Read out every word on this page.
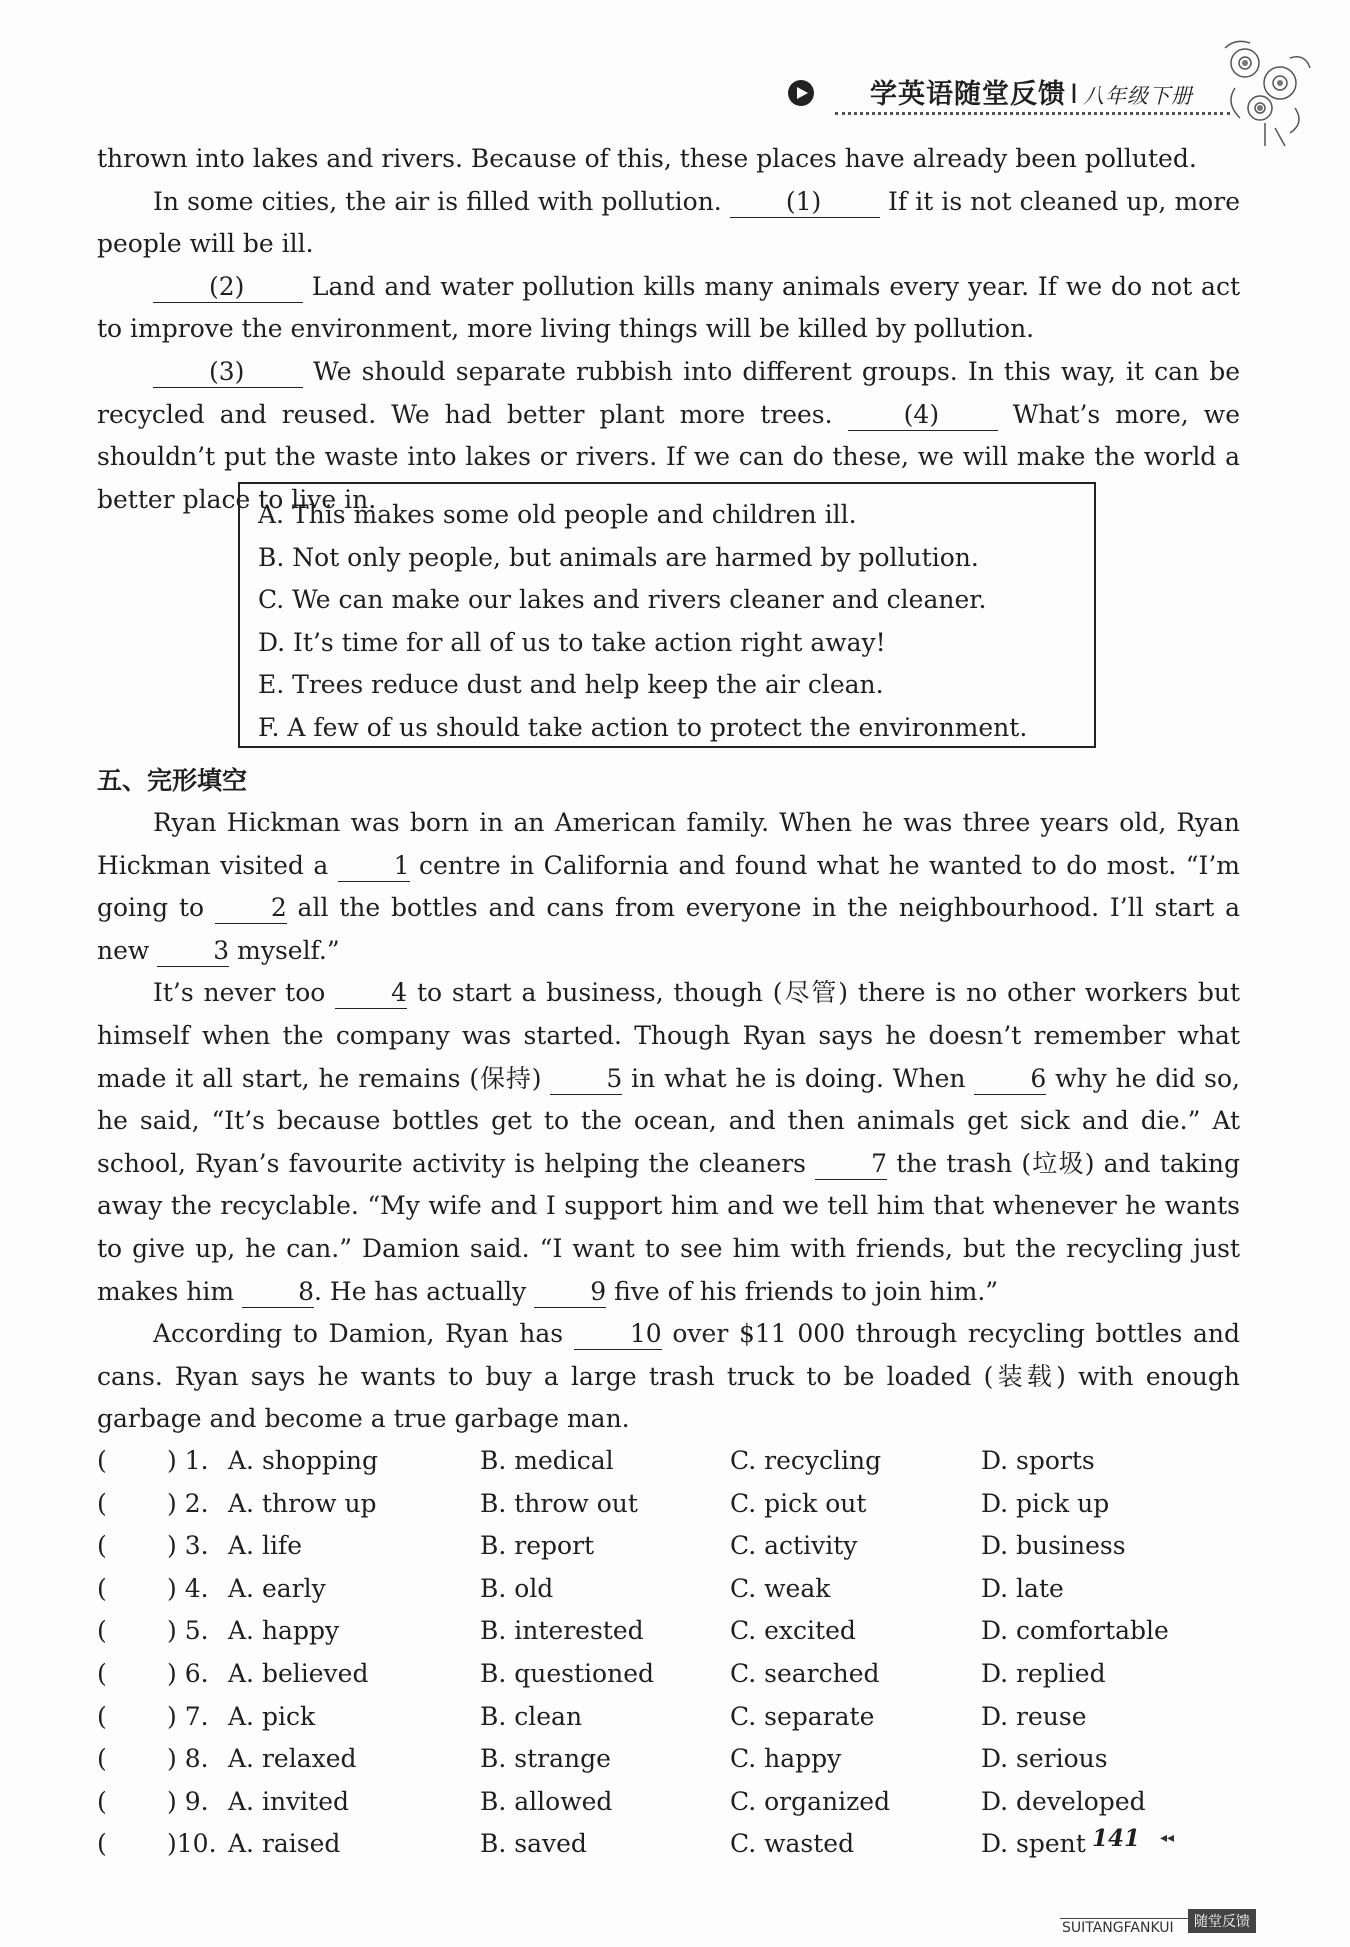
学英语随堂反馈 I 八年级下册

thrown into lakes and rivers. Because of this, these places have already been polluted.

In some cities, the air is filled with pollution.	(1)	If it is not cleaned up, more people will be ill.

(2)	Land and water pollution kills many animals every year. If we do not act to improve the environment, more living things will be killed by pollution.

(3)	We should separate rubbish into different groups. In this way, it can be recycled and reused. We had better plant more trees.	(4)	What’s more, we shouldn’t put the waste into lakes or rivers. If we can do these, we will make the world a better place to live in.

A. This makes some old people and children ill.
B. Not only people, but animals are harmed by pollution.
C. We can make our lakes and rivers cleaner and cleaner.
D. It’s time for all of us to take action right away!
E. Trees reduce dust and help keep the air clean.
F. A few of us should take action to protect the environment.
五、完形填空

Ryan Hickman was born in an American family. When he was three years old, Ryan Hickman visited a	1 centre in California and found what he wanted to do most. “I’m going to	2 all the bottles and cans from everyone in the neighbourhood. I’ll start a new	3 myself.”

It’s never too	4 to start a business, though (尽管) there is no other workers but himself when the company was started. Though Ryan says he doesn’t remember what made it all start, he remains (保持)	5 in what he is doing. When	6 why he did so, he said, “It’s because bottles get to the ocean, and then animals get sick and die.” At school, Ryan’s favourite activity is helping the cleaners	7 the trash (垃圾) and taking away the recyclable. “My wife and I support him and we tell him that whenever he wants to give up, he can.” Damion said. “I want to see him with friends, but the recycling just makes him	8. He has actually	9 five of his friends to join him.”

According to Damion, Ryan has	10 over $11 000 through recycling bottles and cans. Ryan says he wants to buy a large trash truck to be loaded (装载) with enough garbage and become a true garbage man.

( ) 1. A. shopping	B. medical	C. recycling	D. sports
( ) 2. A. throw up	B. throw out	C. pick out	D. pick up
( ) 3. A. life	B. report	C. activity	D. business
( ) 4. A. early	B. old	C. weak	D. late
( ) 5. A. happy	B. interested	C. excited	D. comfortable
( ) 6. A. believed	B. questioned	C. searched	D. replied
( ) 7. A. pick	B. clean	C. separate	D. reuse
( ) 8. A. relaxed	B. strange	C. happy	D. serious
( ) 9. A. invited	B. allowed	C. organized	D. developed
( )10. A. raised	B. saved	C. wasted	D. spent 141 ◂◂
SUITANGFANKUI	随堂反馈
